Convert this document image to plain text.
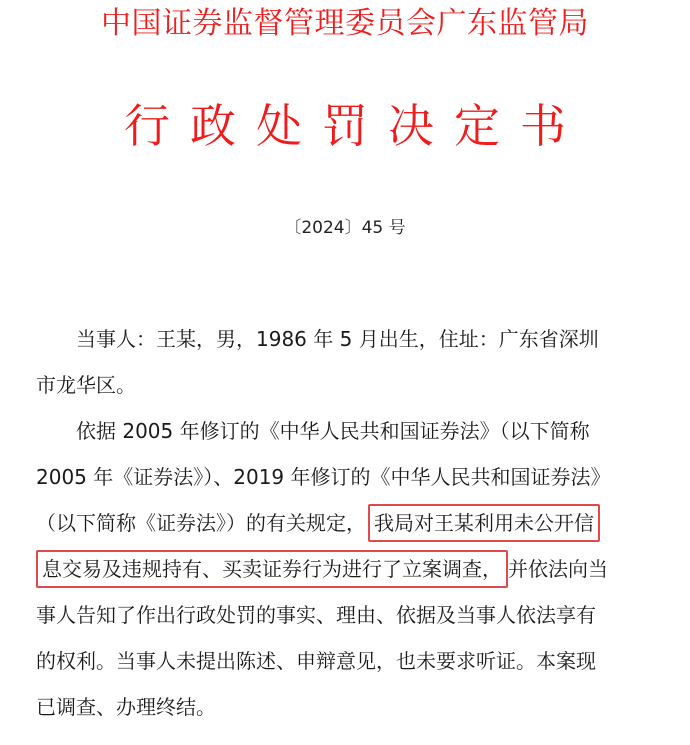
中国证券监督管理委员会广东监管局
行政处罚决定书
〔2024〕45 号
当事人：王某，男，1986 年 5 月出生，住址：广东省深圳
市龙华区。
依据 2005 年修订的《中华人民共和国证券法》（以下简称
2005 年《证券法》）、2019 年修订的《中华人民共和国证券法》
（以下简称《证券法》）的有关规定， 我局对王某利用未公开信
息交易及违规持有、买卖证券行为进行了立案调查， 并依法向当
事人告知了作出行政处罚的事实、理由、依据及当事人依法享有
的权利。当事人未提出陈述、申辩意见，也未要求听证。本案现
已调查、办理终结。
